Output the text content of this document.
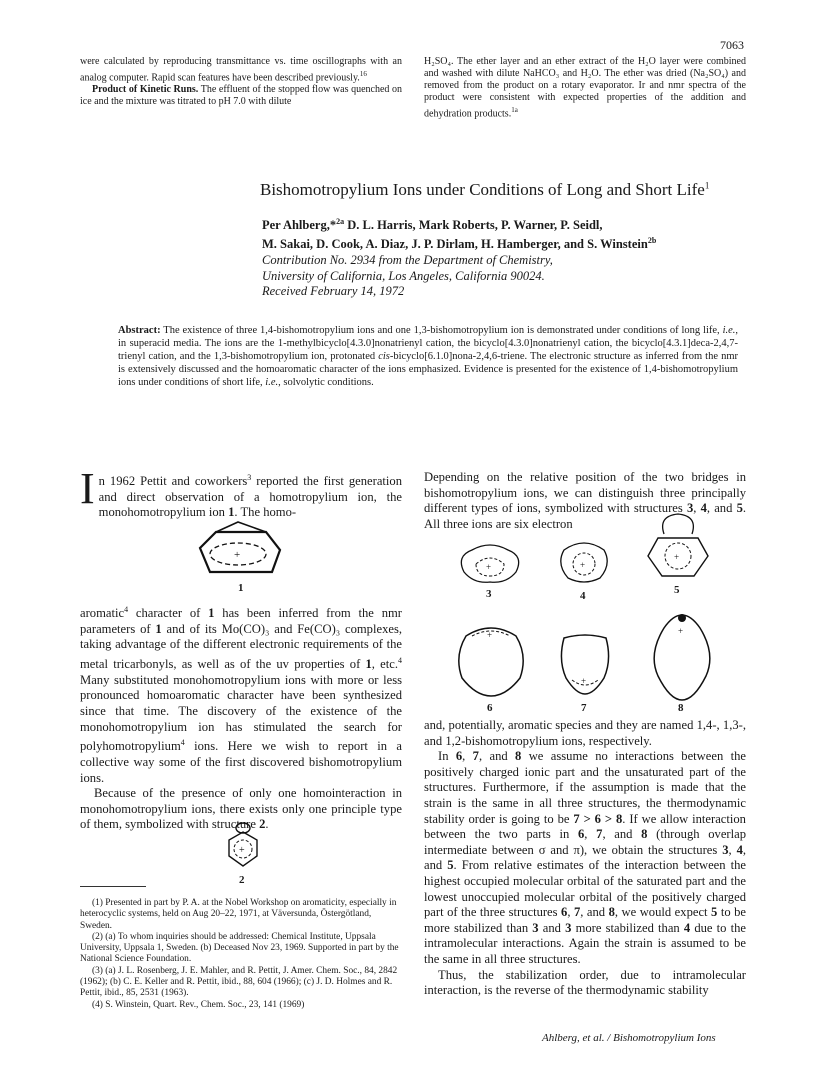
7063
were calculated by reproducing transmittance vs. time oscillographs with an analog computer. Rapid scan features have been described previously.$^{16}$
Product of Kinetic Runs. The effluent of the stopped flow was quenched on ice and the mixture was titrated to pH 7.0 with dilute
H₂SO₄. The ether layer and an ether extract of the H₂O layer were combined and washed with dilute NaHCO₃ and H₂O. The ether was dried (Na₂SO₄) and removed from the product on a rotary evaporator. Ir and nmr spectra of the product were consistent with expected properties of the addition and dehydration products.$^{1a}$
Bishomotropylium Ions under Conditions of Long and Short Life$^1$
Per Ahlberg,*$^{2a}$ D. L. Harris, Mark Roberts, P. Warner, P. Seidl,
M. Sakai, D. Cook, A. Diaz, J. P. Dirlam, H. Hamberger, and S. Winstein$^{2b}$
Contribution No. 2934 from the Department of Chemistry,
University of California, Los Angeles, California 90024.
Received February 14, 1972
Abstract: The existence of three 1,4-bishomotropylium ions and one 1,3-bishomotropylium ion is demonstrated under conditions of long life, i.e., in superacid media. The ions are the 1-methylbicyclo[4.3.0]nonatrienyl cation, the bicyclo[4.3.0]nonatrienyl cation, the bicyclo[4.3.1]deca-2,4,7-trienyl cation, and the 1,3-bishomotropylium ion, protonated cis-bicyclo[6.1.0]nona-2,4,6-triene. The electronic structure as inferred from the nmr is extensively discussed and the homoaromatic character of the ions emphasized. Evidence is presented for the existence of 1,4-bishomotropylium ions under conditions of short life, i.e., solvolytic conditions.
I n 1962 Pettit and coworkers$^3$ reported the first generation and direct observation of a homotropylium ion, the monohomotropylium ion 1. The homo-
+
1
aromatic$^4$ character of 1 has been inferred from the nmr parameters of 1 and of its Mo(CO)₃ and Fe(CO)₃ complexes, taking advantage of the different electronic requirements of the metal tricarbonyls, as well as of the uv properties of 1, etc.$^4$ Many substituted monohomotropylium ions with more or less pronounced homoaromatic character have been synthesized since that time. The discovery of the existence of the monohomotropylium ion has stimulated the search for polyhomotropylium$^4$ ions. Here we wish to report in a collective way some of the first discovered bishomotropylium ions.

Because of the presence of only one homointeraction in monohomotropylium ions, there exists only one principle type of them, symbolized with structure 2.

+
2

(1) Presented in part by P. A. at the Nobel Workshop on aromaticity, especially in heterocyclic systems, held on Aug 20–22, 1971, at Väversunda, Östergötland, Sweden.

(2) (a) To whom inquiries should be addressed: Chemical Institute, Uppsala University, Uppsala 1, Sweden. (b) Deceased Nov 23, 1969. Supported in part by the National Science Foundation.

(3) (a) J. L. Rosenberg, J. E. Mahler, and R. Pettit, J. Amer. Chem. Soc., 84, 2842 (1962); (b) C. E. Keller and R. Pettit, ibid., 88, 604 (1966); (c) J. D. Holmes and R. Pettit, ibid., 85, 2531 (1963).

(4) S. Winstein, Quart. Rev., Chem. Soc., 23, 141 (1969)

Depending on the relative position of the two bridges in bishomotropylium ions, we can distinguish three principally different types of ions, symbolized with structures 3, 4, and 5. All three ions are six electron
+
3
+
4
+
5
+
6
+
7
+
8
and, potentially, aromatic species and they are named 1,4-, 1,3-, and 1,2-bishomotropylium ions, respectively.

In 6, 7, and 8 we assume no interactions between the positively charged ionic part and the unsaturated part of the structures. Furthermore, if the assumption is made that the strain is the same in all three structures, the thermodynamic stability order is going to be 7 > 6 > 8. If we allow interaction between the two parts in 6, 7, and 8 (through overlap intermediate between σ and π), we obtain the structures 3, 4, and 5. From relative estimates of the interaction between the highest occupied molecular orbital of the saturated part and the lowest unoccupied molecular orbital of the positively charged part of the three structures 6, 7, and 8, we would expect 5 to be more stabilized than 3 and 3 more stabilized than 4 due to the intramolecular interactions. Again the strain is assumed to be the same in all three structures.

Thus, the stabilization order, due to intramolecular interaction, is the reverse of the thermodynamic stability

Ahlberg, et al. / Bishomotropylium Ions
